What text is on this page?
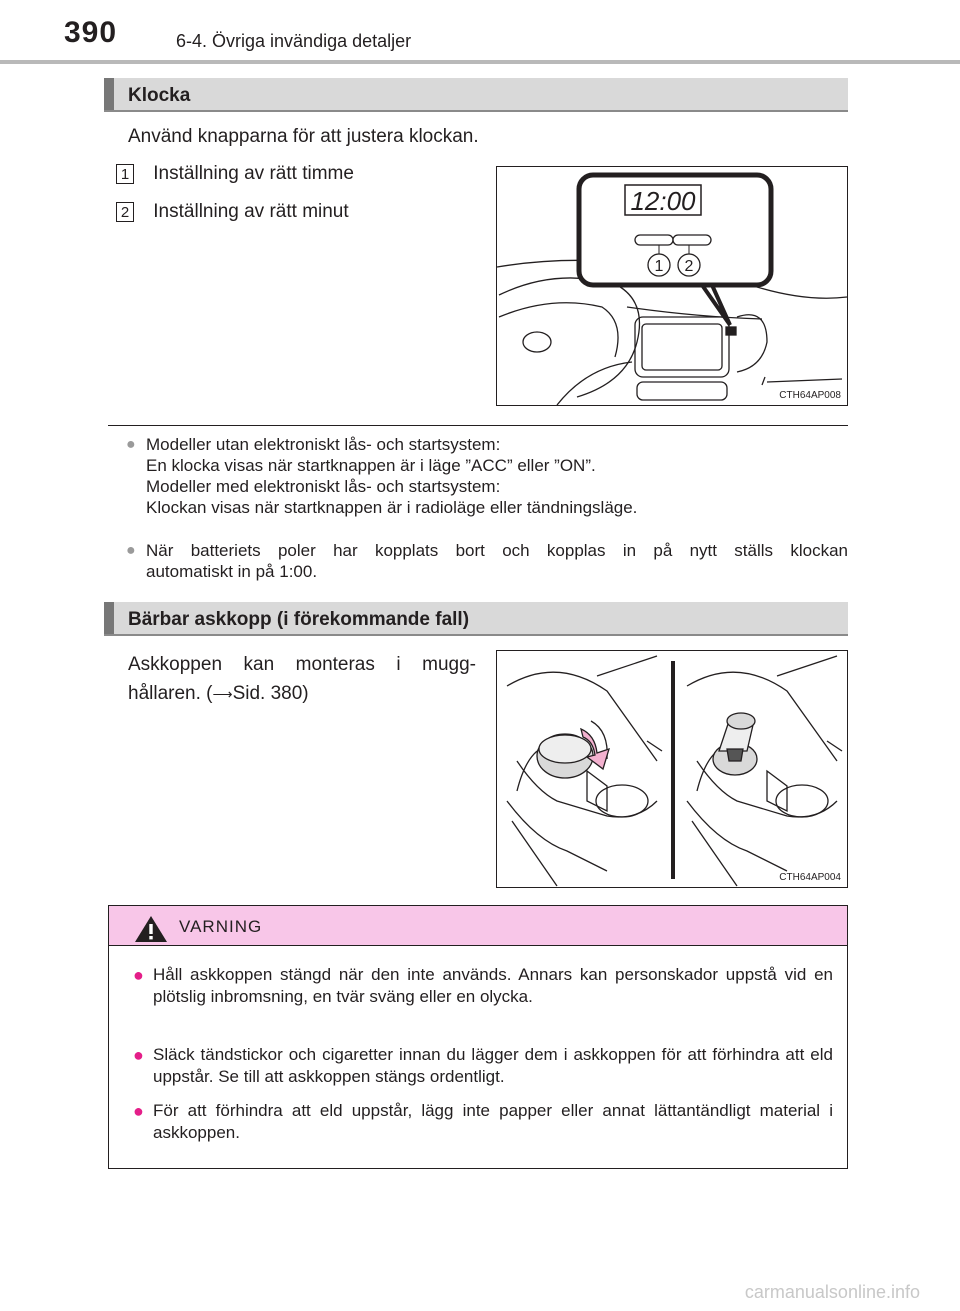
390	6-4. Övriga invändiga detaljer
Klocka
Använd knapparna för att justera klockan.
1 Inställning av rätt timme
2 Inställning av rätt minut	12:00
1 2
CTH64AP008
● Modeller utan elektroniskt lås- och startsystem:
En klocka visas när startknappen är i läge ”ACC” eller ”ON”.
Modeller med elektroniskt lås- och startsystem:
Klockan visas när startknappen är i radioläge eller tändningsläge.
● När batteriets poler har kopplats bort och kopplas in på nytt ställs klockan
automatiskt in på 1:00.
Bärbar askkopp (i förekommande fall)
Askkoppen kan monteras i mugg-
hållaren. (⟶Sid. 380)
CTH64AP004
VARNING
● Håll askkoppen stängd när den inte används. Annars kan personskador uppstå vid en plötslig inbromsning, en tvär sväng eller en olycka.
● Släck tändstickor och cigaretter innan du lägger dem i askkoppen för att förhindra att eld uppstår. Se till att askkoppen stängs ordentligt.
● För att förhindra att eld uppstår, lägg inte papper eller annat lättantändligt material i askkoppen.
carmanualsonline.info
